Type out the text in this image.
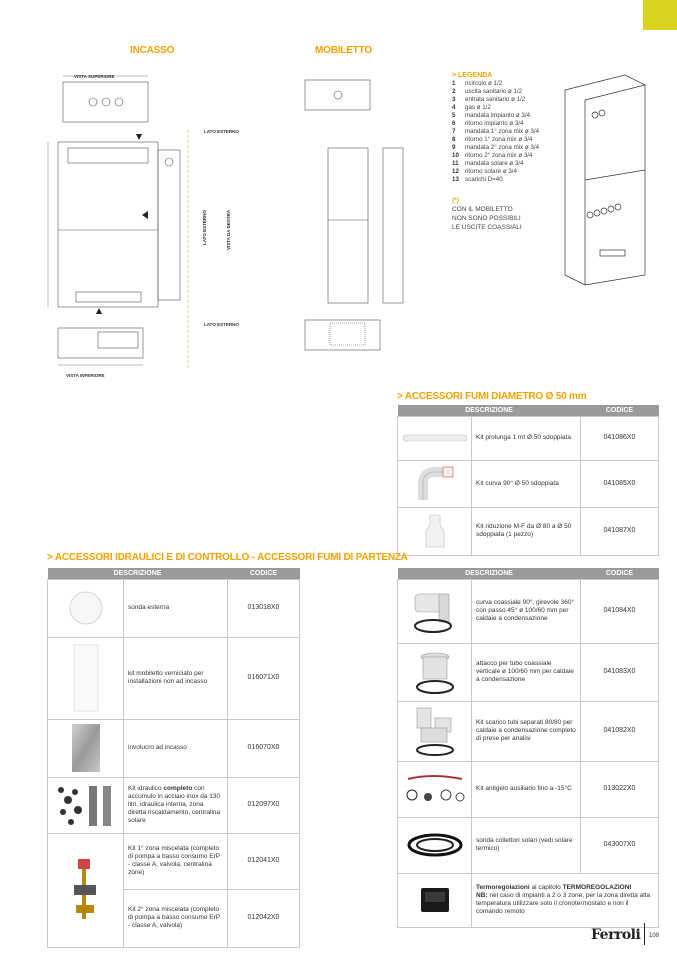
INCASSO	MOBILETTO
VISTA SUPERIORE
VISTA INFERIORE
LATO ESTERNO
LATO ESTERNO
LATO ESTERNO	VISTA DA DESTRA
> LEGENDA
1	ricircolo ø 1/2
2	uscita sanitario ø 1/2
3	entrata sanitario ø 1/2
4	gas ø 1/2
5	mandata impianto ø 3/4
6	ritorno impianto ø 3/4
7	mandata 1° zona mix ø 3/4
8	ritorno 1° zona mix ø 3/4
9	mandata 2° zona mix ø 3/4
10 ritorno 2° zona mix ø 3/4
11	mandata solare ø 3/4
12 ritorno solare ø 3/4
13 scarichi D=40
(*)
CON IL MOBILETTO
NON SONO POSSIBILI
LE USCITE COASSIALI
> ACCESSORI FUMI DIAMETRO Ø 50 mm
DESCRIZIONE		CODICE

	Kit prolunga 1 mt Ø 50 sdoppiata	041086X0

	Kit curva 90° Ø 50 sdoppiata	041085X0

	Kit riduzione M-F da Ø 80 a Ø 50 sdoppiata (1 pezzo)	041087X0
> ACCESSORI IDRAULICI E DI CONTROLLO - ACCESSORI FUMI DI PARTENZA
DESCRIZIONE		CODICE

	sonda esterna	013018X0

	kit mobiletto verniciato per installazioni non ad incasso	016071X0

	involucro ad incasso	016070X0

	Kit idraulico completo con accumulo in acciaio inox da 130 litri, idraulica interna, zona diretta riscaldamento, centralina solare	012097X0

	Kit 1° zona miscelata (completo di pompa a basso consumo ErP - classe A, valvola, centralina zone)	012041X0
	Kit 2° zona miscelata (completo di pompa a basso consumo ErP - classe A, valvola)	012042X0
DESCRIZIONE		CODICE

	curva coassiale 90°, girevole 360° con passo 45° ø 100/60 mm per caldaie a condensazione	041084X0

	attacco per tubo coassiale verticale ø 100/60 mm per caldaie a condensazione	041083X0

	Kit scarico tubi separati 80/80 per caldaie a condensazione completo di prese per analisi	041082X0

	Kit antigelo ausiliario fino a -15°C	013022X0

	sonda collettori solari (vedi solare termico)	043007X0

	Termoregolazioni al capitolo TERMOREGOLAZIONI
NB: nel caso di impianti a 2 o 3 zone, per la zona diretta alta temperatura utilizzare solo il cronotermostato e non il comando remoto	
Ferroli 109
